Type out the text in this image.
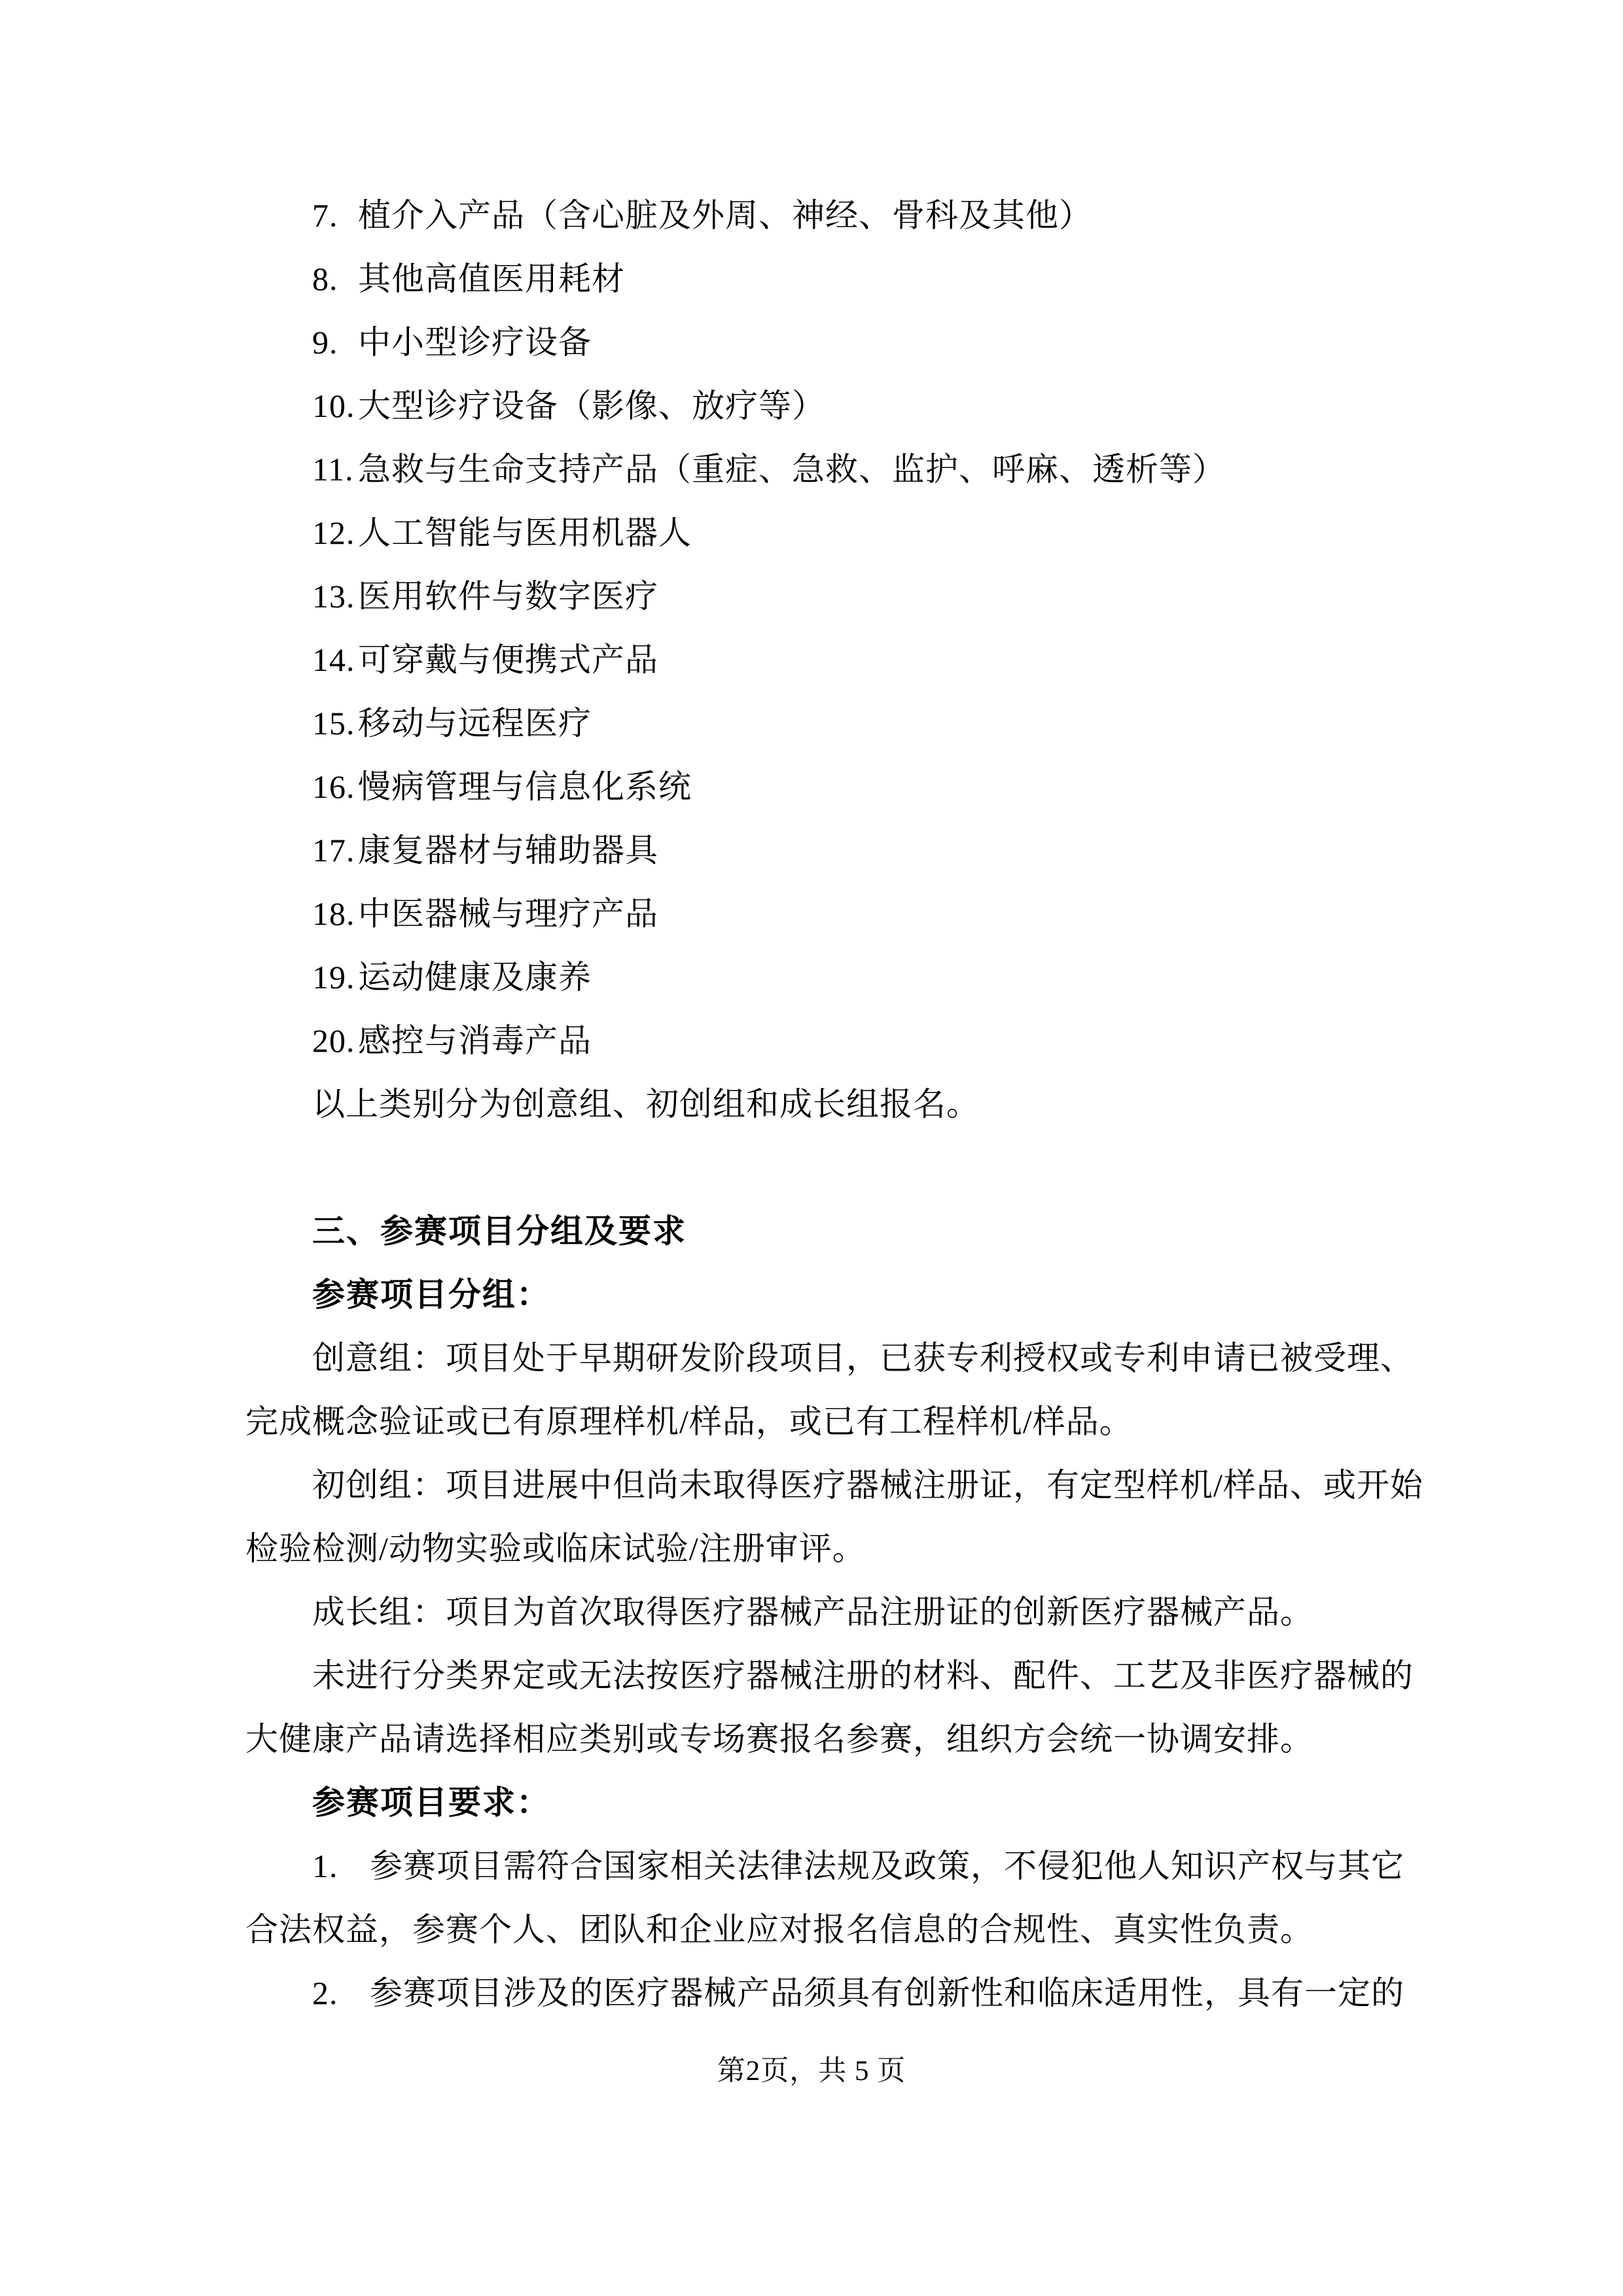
7. 植介入产品（含心脏及外周、神经、骨科及其他）
8. 其他高值医用耗材
9. 中小型诊疗设备
10.大型诊疗设备（影像、放疗等）
11. 急救与生命支持产品（重症、急救、监护、呼麻、透析等）
12.人工智能与医用机器人
13.医用软件与数字医疗
14.可穿戴与便携式产品
15.移动与远程医疗
16.慢病管理与信息化系统
17.康复器材与辅助器具
18.中医器械与理疗产品
19.运动健康及康养
20.感控与消毒产品
以上类别分为创意组、初创组和成长组报名。
三、参赛项目分组及要求
参赛项目分组：
创意组：项目处于早期研发阶段项目，已获专利授权或专利申请已被受理、
完成概念验证或已有原理样机/样品，或已有工程样机/样品。
初创组：项目进展中但尚未取得医疗器械注册证，有定型样机/样品、或开始
检验检测/动物实验或临床试验/注册审评。
成长组：项目为首次取得医疗器械产品注册证的创新医疗器械产品。
未进行分类界定或无法按医疗器械注册的材料、配件、工艺及非医疗器械的
大健康产品请选择相应类别或专场赛报名参赛，组织方会统一协调安排。
参赛项目要求：
1. 参赛项目需符合国家相关法律法规及政策，不侵犯他人知识产权与其它
合法权益，参赛个人、团队和企业应对报名信息的合规性、真实性负责。
2. 参赛项目涉及的医疗器械产品须具有创新性和临床适用性，具有一定的
第2页，共 5 页
